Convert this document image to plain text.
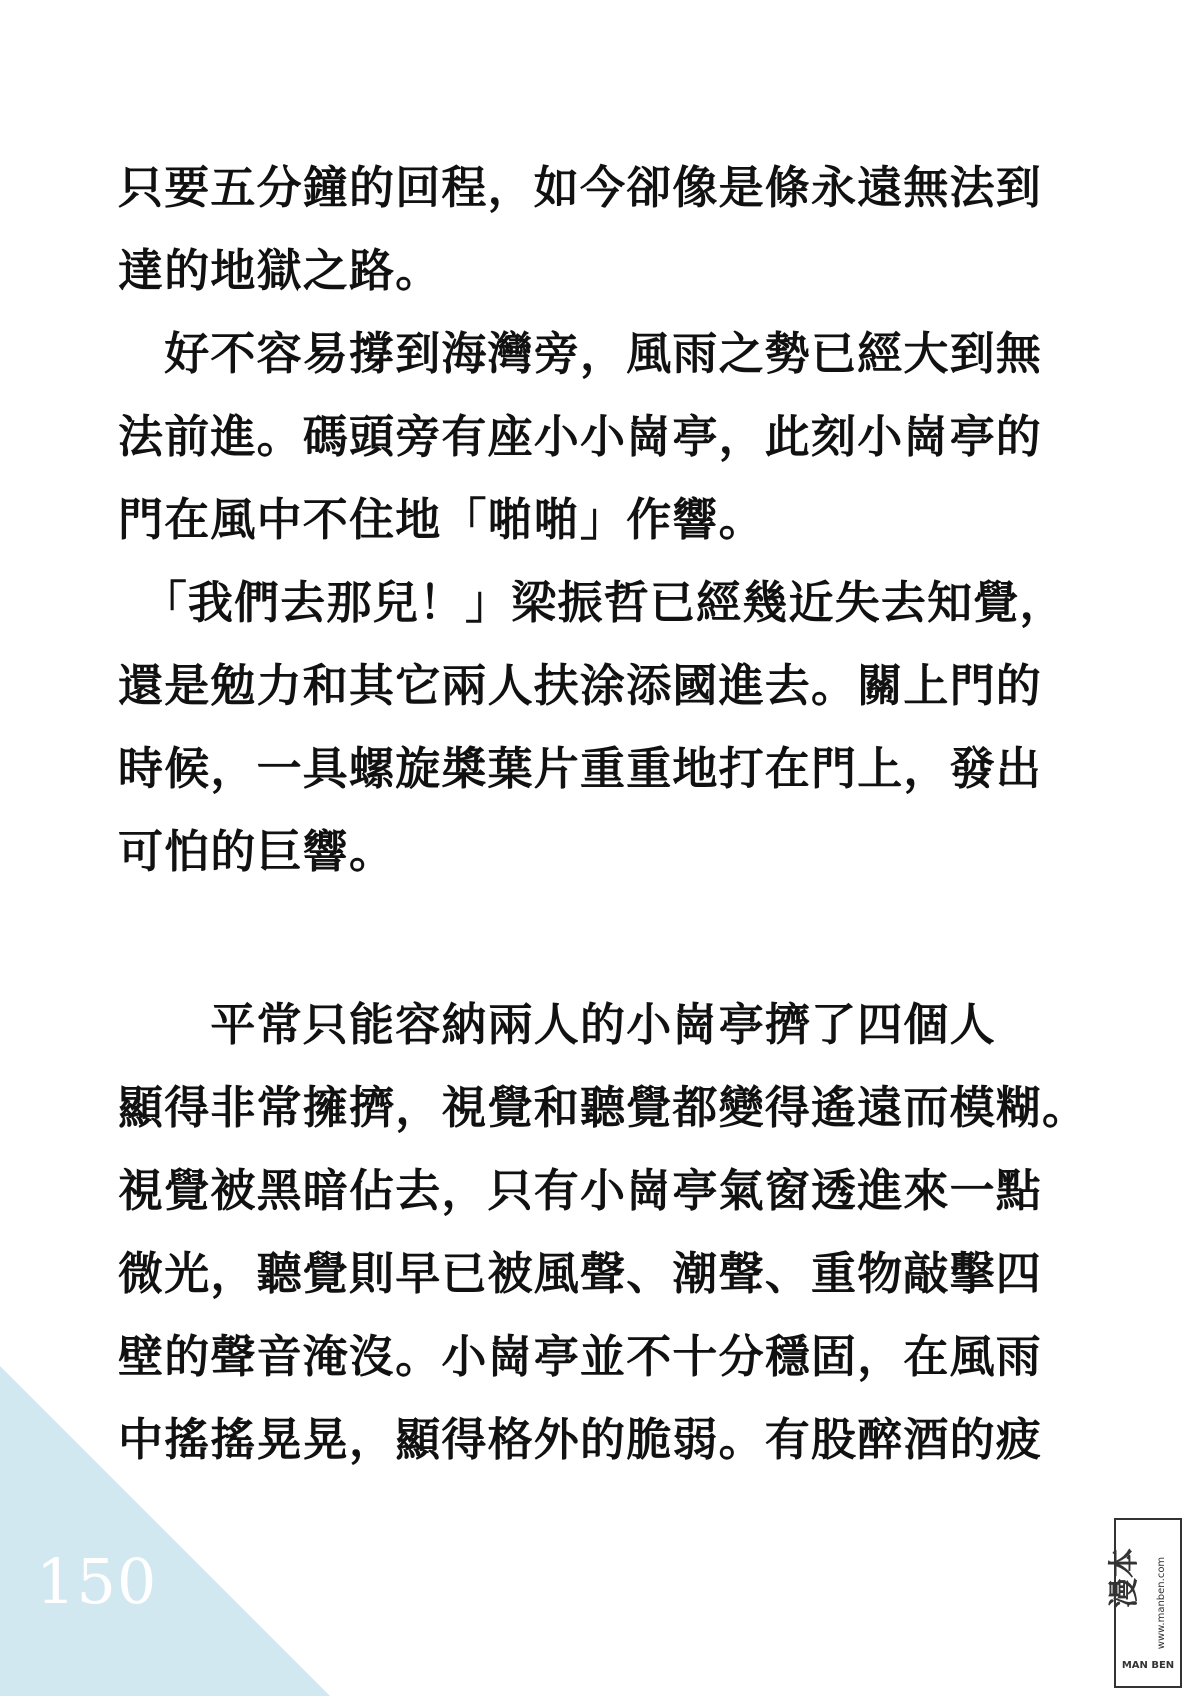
150
只要五分鐘的回程，如今卻像是條永遠無法到
達的地獄之路。
　好不容易撐到海灣旁，風雨之勢已經大到無
法前進。碼頭旁有座小小崗亭，此刻小崗亭的
門在風中不住地「啪啪」作響。
　「我們去那兒！」梁振哲已經幾近失去知覺，
還是勉力和其它兩人扶涂添國進去。關上門的
時候，一具螺旋槳葉片重重地打在門上，發出
可怕的巨響。
　　平常只能容納兩人的小崗亭擠了四個人
顯得非常擁擠，視覺和聽覺都變得遙遠而模糊。
視覺被黑暗佔去，只有小崗亭氣窗透進來一點
微光，聽覺則早已被風聲、潮聲、重物敲擊四
壁的聲音淹沒。小崗亭並不十分穩固，在風雨
中搖搖晃晃，顯得格外的脆弱。有股醉酒的疲
漫本 www.manben.com
MAN BEN
